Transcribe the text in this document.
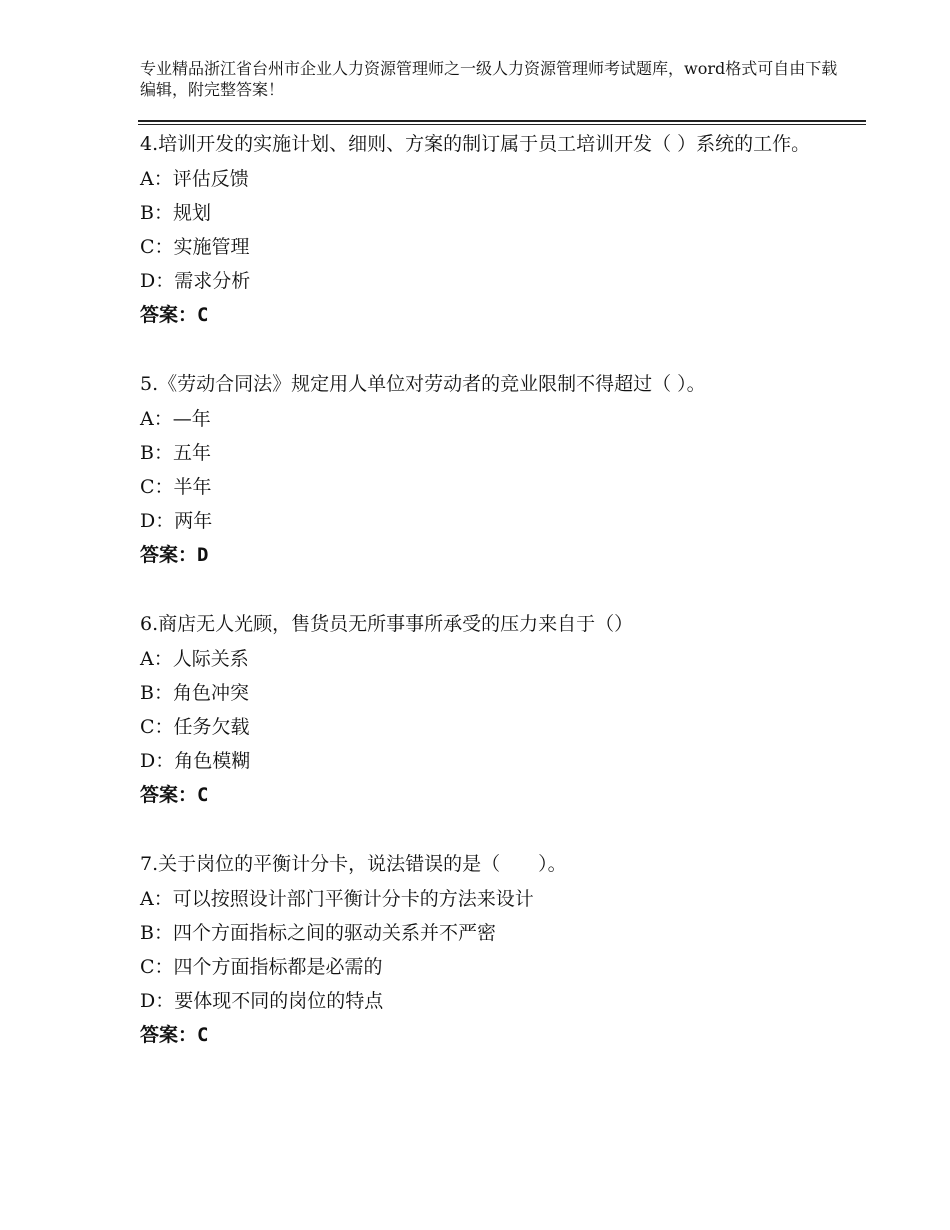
专业精品浙江省台州市企业人力资源管理师之一级人力资源管理师考试题库，word格式可自由下载编辑，附完整答案！
4.培训开发的实施计划、细则、方案的制订属于员工培训开发（ ）系统的工作。
A：评估反馈
B：规划
C：实施管理
D：需求分析
答案：C
5.《劳动合同法》规定用人单位对劳动者的竞业限制不得超过（ ）。
A：—年
B：五年
C：半年
D：两年
答案：D
6.商店无人光顾，售货员无所事事所承受的压力来自于（）
A：人际关系
B：角色冲突
C：任务欠载
D：角色模糊
答案：C
7.关于岗位的平衡计分卡，说法错误的是（　　）。
A：可以按照设计部门平衡计分卡的方法来设计
B：四个方面指标之间的驱动关系并不严密
C：四个方面指标都是必需的
D：要体现不同的岗位的特点
答案：C
